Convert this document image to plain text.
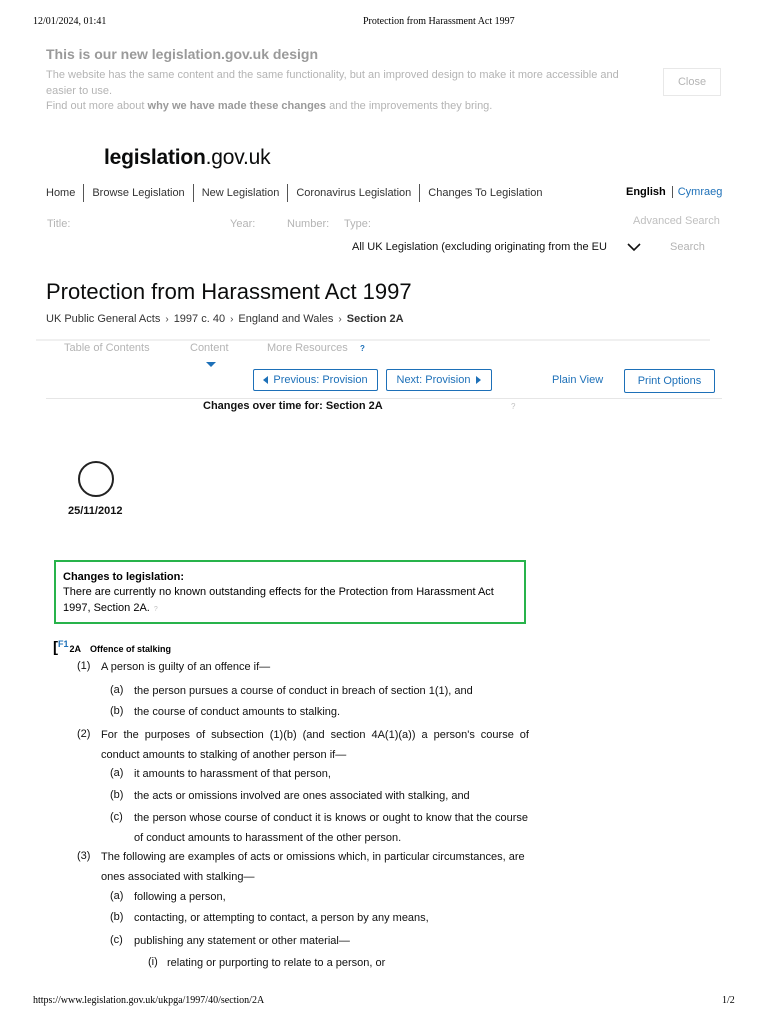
12/01/2024, 01:41	Protection from Harassment Act 1997
This is our new legislation.gov.uk design
The website has the same content and the same functionality, but an improved design to make it more accessible and easier to use.
Find out more about why we have made these changes and the improvements they bring.
Close
legislation.gov.uk
Home	Browse Legislation	New Legislation	Coronavirus Legislation	Changes To Legislation	English	Cymraeg
Title:	Year:	Number: Type:	Advanced Search
All UK Legislation (excluding originating from the EU	Search
Protection from Harassment Act 1997
UK Public General Acts › 1997 c. 40 › England and Wales › Section 2A
Table of Contents	Content	More Resources ?
Previous: Provision	Next: Provision	Plain View	Print Options
Changes over time for: Section 2A	?
25/11/2012
Changes to legislation:
There are currently no known outstanding effects for the Protection from Harassment Act 1997, Section 2A. ?
[ F1 2A Offence of stalking
(1) A person is guilty of an offence if—
(a) the person pursues a course of conduct in breach of section 1(1), and
(b) the course of conduct amounts to stalking.
(2) For the purposes of subsection (1)(b) (and section 4A(1)(a)) a person's course of conduct amounts to stalking of another person if—
(a) it amounts to harassment of that person,
(b) the acts or omissions involved are ones associated with stalking, and
(c) the person whose course of conduct it is knows or ought to know that the course of conduct amounts to harassment of the other person.
(3) The following are examples of acts or omissions which, in particular circumstances, are ones associated with stalking—
(a) following a person,
(b) contacting, or attempting to contact, a person by any means,
(c) publishing any statement or other material—
(i) relating or purporting to relate to a person, or
https://www.legislation.gov.uk/ukpga/1997/40/section/2A	1/2
